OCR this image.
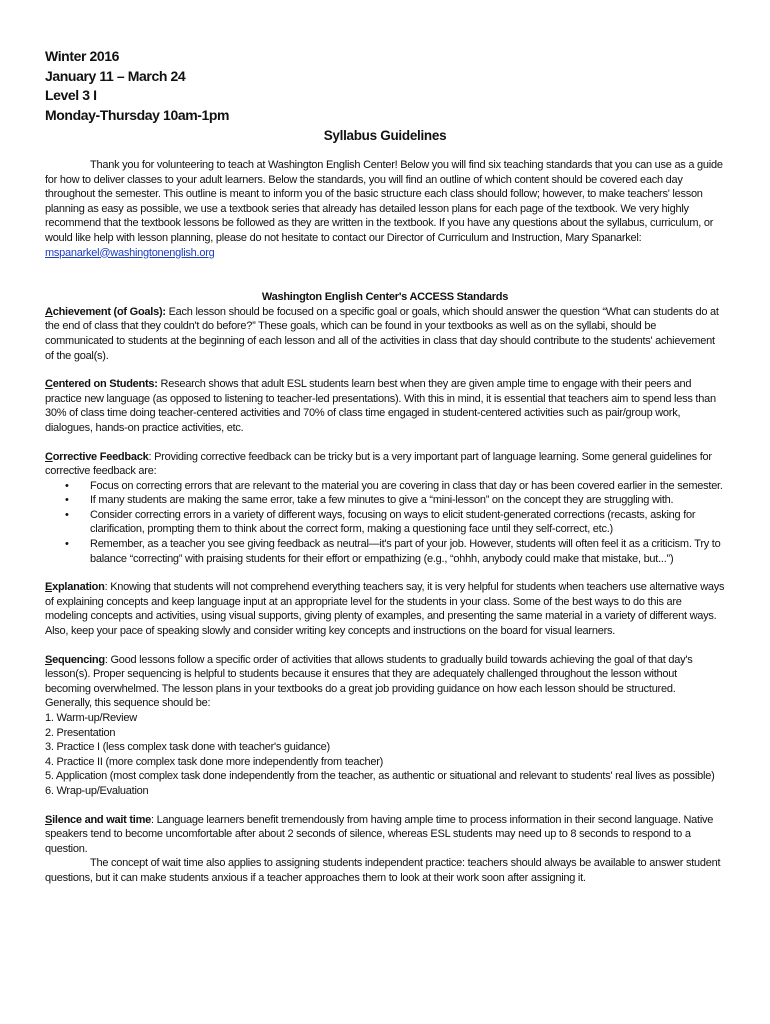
Winter 2016
January 11 – March 24
Level 3 I
Monday-Thursday 10am-1pm
Syllabus Guidelines
Thank you for volunteering to teach at Washington English Center! Below you will find six teaching standards that you can use as a guide for how to deliver classes to your adult learners. Below the standards, you will find an outline of which content should be covered each day throughout the semester. This outline is meant to inform you of the basic structure each class should follow; however, to make teachers' lesson planning as easy as possible, we use a textbook series that already has detailed lesson plans for each page of the textbook. We very highly recommend that the textbook lessons be followed as they are written in the textbook. If you have any questions about the syllabus, curriculum, or would like help with lesson planning, please do not hesitate to contact our Director of Curriculum and Instruction, Mary Spanarkel:
mspanarkel@washingtonenglish.org
Washington English Center's ACCESS Standards
Achievement (of Goals): Each lesson should be focused on a specific goal or goals, which should answer the question “What can students do at the end of class that they couldn't do before?” These goals, which can be found in your textbooks as well as on the syllabi, should be communicated to students at the beginning of each lesson and all of the activities in class that day should contribute to the students' achievement of the goal(s).
Centered on Students: Research shows that adult ESL students learn best when they are given ample time to engage with their peers and practice new language (as opposed to listening to teacher-led presentations). With this in mind, it is essential that teachers aim to spend less than 30% of class time doing teacher-centered activities and 70% of class time engaged in student-centered activities such as pair/group work, dialogues, hands-on practice activities, etc.
Corrective Feedback: Providing corrective feedback can be tricky but is a very important part of language learning. Some general guidelines for corrective feedback are:
• Focus on correcting errors that are relevant to the material you are covering in class that day or has been covered earlier in the semester.
• If many students are making the same error, take a few minutes to give a “mini-lesson” on the concept they are struggling with.
• Consider correcting errors in a variety of different ways, focusing on ways to elicit student-generated corrections (recasts, asking for clarification, prompting them to think about the correct form, making a questioning face until they self-correct, etc.)
• Remember, as a teacher you see giving feedback as neutral—it's part of your job. However, students will often feel it as a criticism. Try to balance “correcting” with praising students for their effort or empathizing (e.g., “ohhh, anybody could make that mistake, but...”)
Explanation: Knowing that students will not comprehend everything teachers say, it is very helpful for students when teachers use alternative ways of explaining concepts and keep language input at an appropriate level for the students in your class. Some of the best ways to do this are modeling concepts and activities, using visual supports, giving plenty of examples, and presenting the same material in a variety of different ways. Also, keep your pace of speaking slowly and consider writing key concepts and instructions on the board for visual learners.
Sequencing: Good lessons follow a specific order of activities that allows students to gradually build towards achieving the goal of that day's lesson(s). Proper sequencing is helpful to students because it ensures that they are adequately challenged throughout the lesson without becoming overwhelmed. The lesson plans in your textbooks do a great job providing guidance on how each lesson should be structured. Generally, this sequence should be:
1. Warm-up/Review
2. Presentation
3. Practice I (less complex task done with teacher's guidance)
4. Practice II (more complex task done more independently from teacher)
5. Application (most complex task done independently from the teacher, as authentic or situational and relevant to students' real lives as possible)
6. Wrap-up/Evaluation
Silence and wait time: Language learners benefit tremendously from having ample time to process information in their second language. Native speakers tend to become uncomfortable after about 2 seconds of silence, whereas ESL students may need up to 8 seconds to respond to a question.
The concept of wait time also applies to assigning students independent practice: teachers should always be available to answer student questions, but it can make students anxious if a teacher approaches them to look at their work soon after assigning it.
